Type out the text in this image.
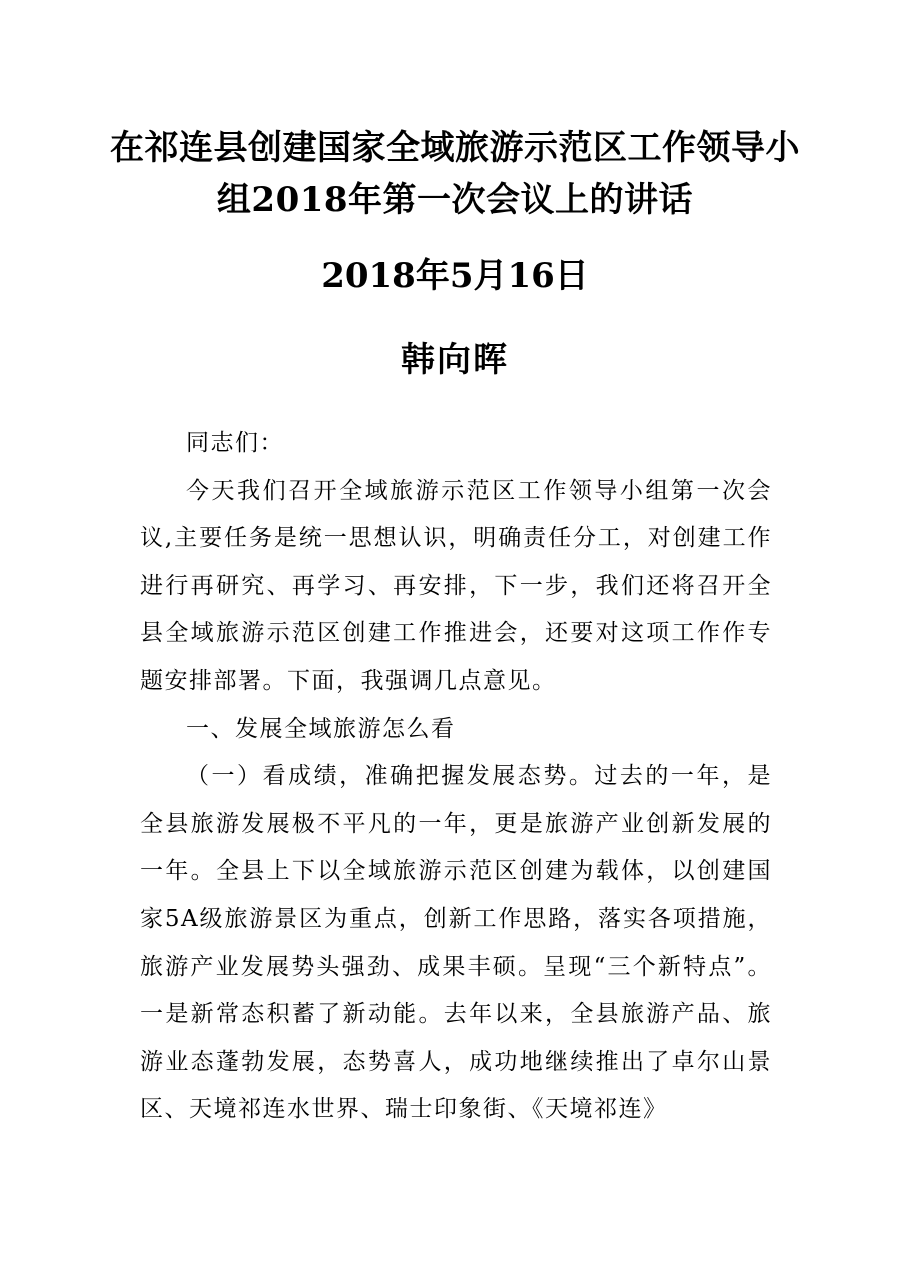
在祁连县创建国家全域旅游示范区工作领导小组2018年第一次会议上的讲话
2018年5月16日
韩向晖

同志们：

今天我们召开全域旅游示范区工作领导小组第一次会议,主要任务是统一思想认识，明确责任分工，对创建工作进行再研究、再学习、再安排，下一步，我们还将召开全县全域旅游示范区创建工作推进会，还要对这项工作作专题安排部署。下面，我强调几点意见。

一、发展全域旅游怎么看

（一）看成绩，准确把握发展态势。过去的一年，是全县旅游发展极不平凡的一年，更是旅游产业创新发展的一年。全县上下以全域旅游示范区创建为载体，以创建国家5A级旅游景区为重点，创新工作思路，落实各项措施，旅游产业发展势头强劲、成果丰硕。呈现“三个新特点”。一是新常态积蓄了新动能。去年以来，全县旅游产品、旅游业态蓬勃发展，态势喜人，成功地继续推出了卓尔山景区、天境祁连水世界、瑞士印象街、《天境祁连》
